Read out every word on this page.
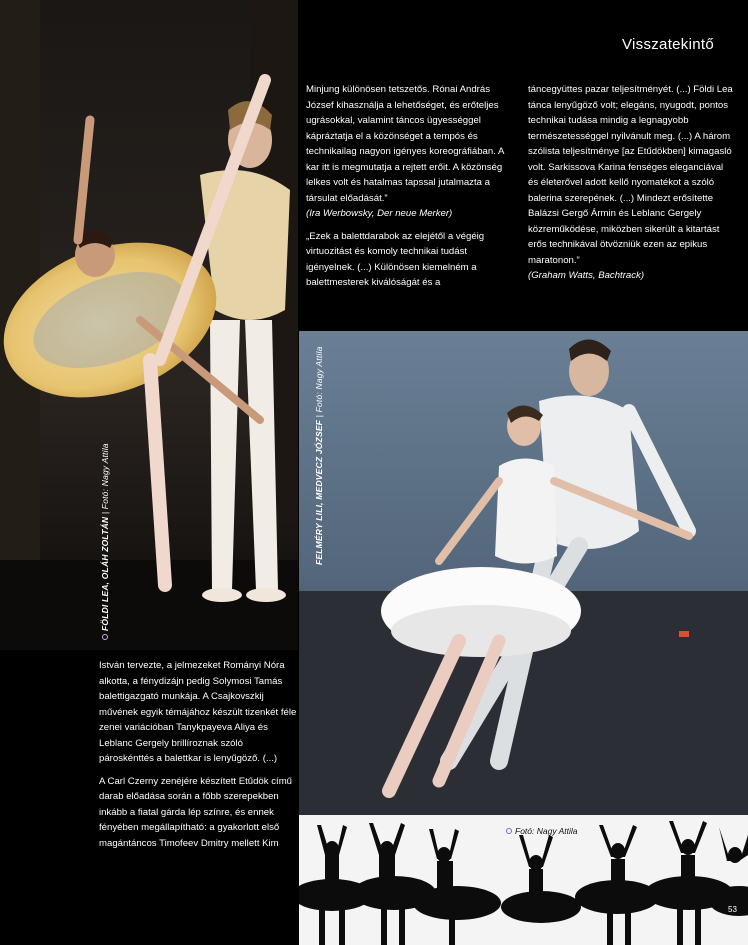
FÖLDI LEA, OLÁH ZOLTÁN | Fotó: Nagy Attila	FELMÉRY LILI, MEDVECZ JÓZSEF | Fotó: Nagy Attila
Fotó: Nagy Attila
Visszatekintő

Minjung különösen tetszetős. Rónai András József kihasználja a lehetőséget, és erőteljes ugrásokkal, valamint táncos ügyességgel kápráztatja el a közönséget a tempós és technikailag nagyon igényes koreográfiában. A kar itt is megmutatja a rejtett erőit. A közönség lelkes volt és hatalmas tapssal jutalmazta a társulat előadását.”
(Ira Werbowsky, Der neue Merker)

„Ezek a balettdarabok az elejétől a végéig virtuozitást és komoly technikai tudást igényelnek. (...) Különösen kiemelném a balettmesterek kiválóságát és a

táncegyüttes pazar teljesítményét. (...) Földi Lea tánca lenyűgöző volt; elegáns, nyugodt, pontos technikai tudása mindig a legnagyobb természetességgel nyilvánult meg. (...) A három szólista teljesítménye [az Etűdökben] kimagasló volt. Sarkissova Karina fenséges eleganciával és életerővel adott kellő nyomatékot a szóló balerina szerepének. (...) Mindezt erősítette Balázsi Gergő Ármin és Leblanc Gergely közreműködése, miközben sikerült a kitartást erős technikával ötvözniük ezen az epikus maratonon.”
(Graham Watts, Bachtrack)

István tervezte, a jelmezeket Rományi Nóra alkotta, a fénydizájn pedig Solymosi Tamás balettigazgató munkája. A Csajkovszkij művének egyik témájához készült tizenkét féle zenei variációban Tanykpayeva Aliya és Leblanc Gergely brillíroznak szóló pároskénttés a balettkar is lenyűgöző. (...)

A Carl Czerny zenéjére készített Etűdök című darab előadása során a főbb szerepekben inkább a fiatal gárda lép színre, és ennek fényében megállapítható: a gyakorlott első magántáncos Timofeev Dmitry mellett Kim

53
